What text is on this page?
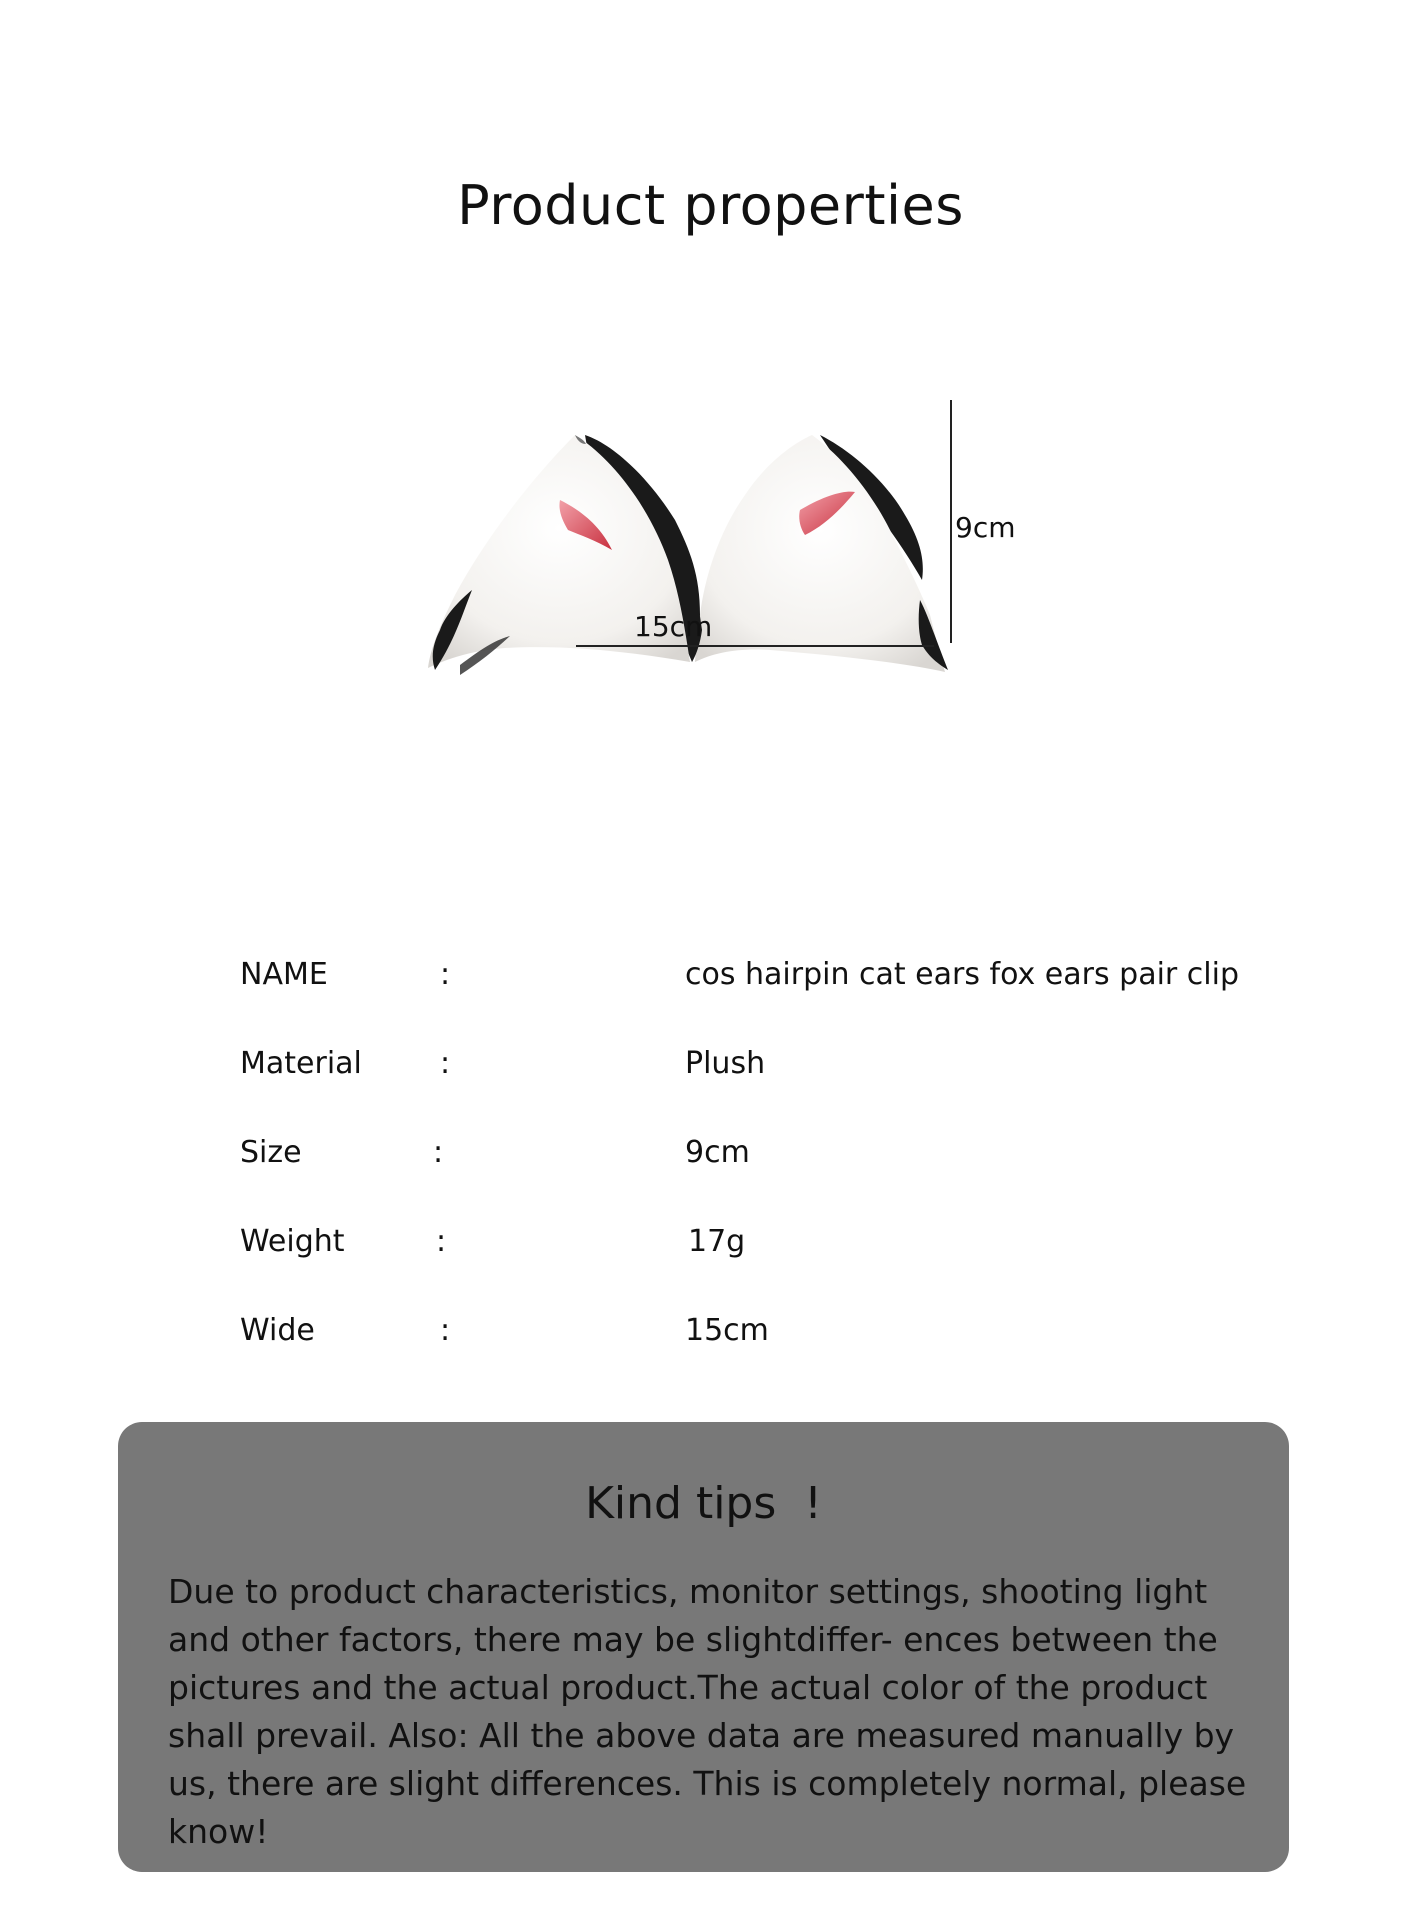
Product properties
9cm
15cm
NAME	:	cos hairpin cat ears fox ears pair clip
Material	:	Plush
Size	:	9cm
Weight	:	17g
Wide	:	15cm
Kind tips  !
Due to product characteristics, monitor settings, shooting light and other factors, there may be slightdiffer- ences between the pictures and the actual product.The actual color of the product shall prevail. Also: All the above data are measured manually by us, there are slight differences. This is completely normal, please know!
